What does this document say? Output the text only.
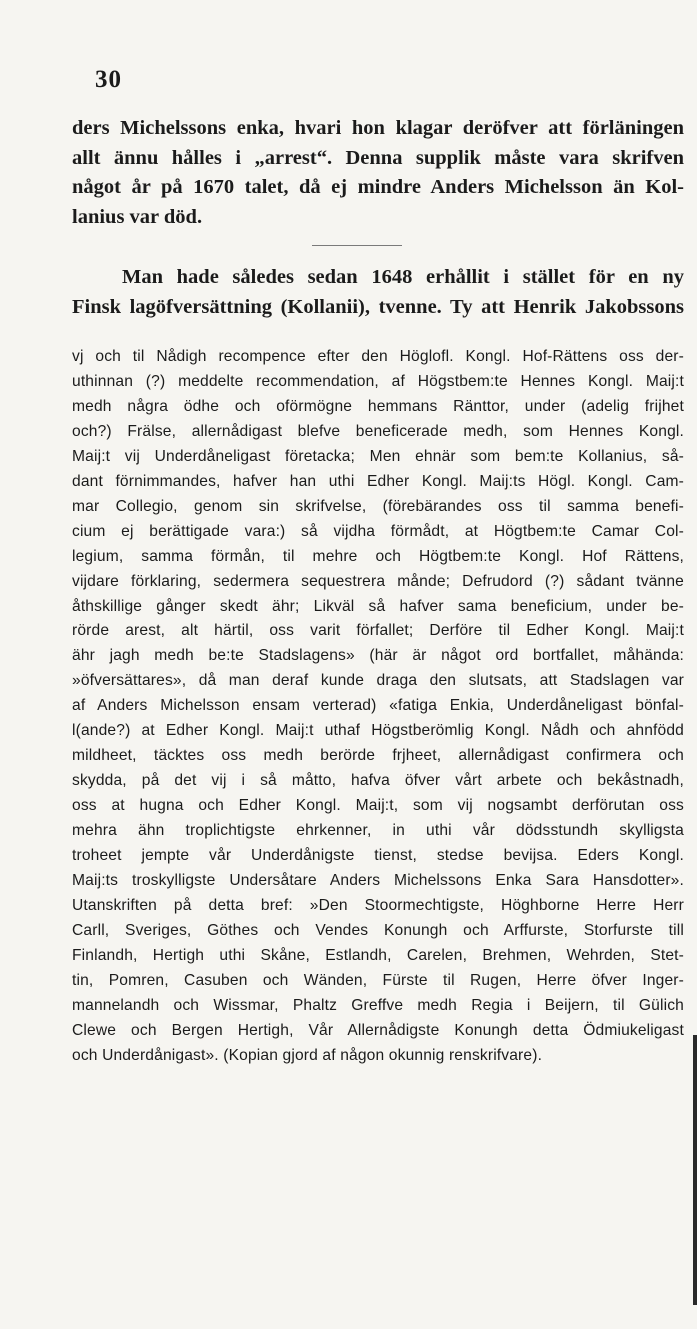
30
ders Michelssons enka, hvari hon klagar deröfver att förläningen
allt ännu hålles i „arrest“. Denna supplik måste vara skrifven
något år på 1670 talet, då ej mindre Anders Michelsson än Kol-
lanius var död.
Man hade således sedan 1648 erhållit i stället för en ny
Finsk lagöfversättning (Kollanii), tvenne. Ty att Henrik Jakobssons
vj och til Nådigh recompence efter den Höglofl. Kongl. Hof-Rättens oss der-
uthinnan (?) meddelte recommendation, af Högstbem:te Hennes Kongl. Maij:t
medh några ödhe och oförmögne hemmans Ränttor, under (adelig frijhet
och?) Frälse, allernådigast blefve beneficerade medh, som Hennes Kongl.
Maij:t vij Underdåneligast företacka; Men ehnär som bem:te Kollanius, så-
dant förnimmandes, hafver han uthi Edher Kongl. Maij:ts Högl. Kongl. Cam-
mar Collegio, genom sin skrifvelse, (förebärandes oss til samma benefi-
cium ej berättigade vara:) så vijdha förmådt, at Högtbem:te Camar Col-
legium, samma förmån, til mehre och Högtbem:te Kongl. Hof Rättens,
vijdare förklaring, sedermera sequestrera månde; Defrudord (?) sådant tvänne
åthskillige gånger skedt ähr; Likväl så hafver sama beneficium, under be-
rörde arest, alt härtil, oss varit förfallet; Derföre til Edher Kongl. Maij:t
ähr jagh medh be:te Stadslagens» (här är något ord bortfallet, måhända:
»öfversättares», då man deraf kunde draga den slutsats, att Stadslagen var
af Anders Michelsson ensam verterad) «fatiga Enkia, Underdåneligast bönfal-
l(ande?) at Edher Kongl. Maij:t uthaf Högstberömlig Kongl. Nådh och ahnfödd
mildheet, täcktes oss medh berörde frjheet, allernådigast confirmera och
skydda, på det vij i så måtto, hafva öfver vårt arbete och bekåstnadh,
oss at hugna och Edher Kongl. Maij:t, som vij nogsambt derförutan oss
mehra ähn troplichtigste ehrkenner, in uthi vår dödsstundh skylligsta
troheet jempte vår Underdånigste tienst, stedse bevijsa. Eders Kongl.
Maij:ts troskylligste Undersåtare Anders Michelssons Enka Sara Hansdotter».
Utanskriften på detta bref: »Den Stoormechtigste, Höghborne Herre Herr
Carll, Sveriges, Göthes och Vendes Konungh och Arffurste, Storfurste till
Finlandh, Hertigh uthi Skåne, Estlandh, Carelen, Brehmen, Wehrden, Stet-
tin, Pomren, Casuben och Wänden, Fürste til Rugen, Herre öfver Inger-
mannelandh och Wissmar, Phaltz Greffve medh Regia i Beijern, til Gülich
Clewe och Bergen Hertigh, Vår Allernådigste Konungh detta Ödmiukeligast
och Underdånigast». (Kopian gjord af någon okunnig renskrifvare).
